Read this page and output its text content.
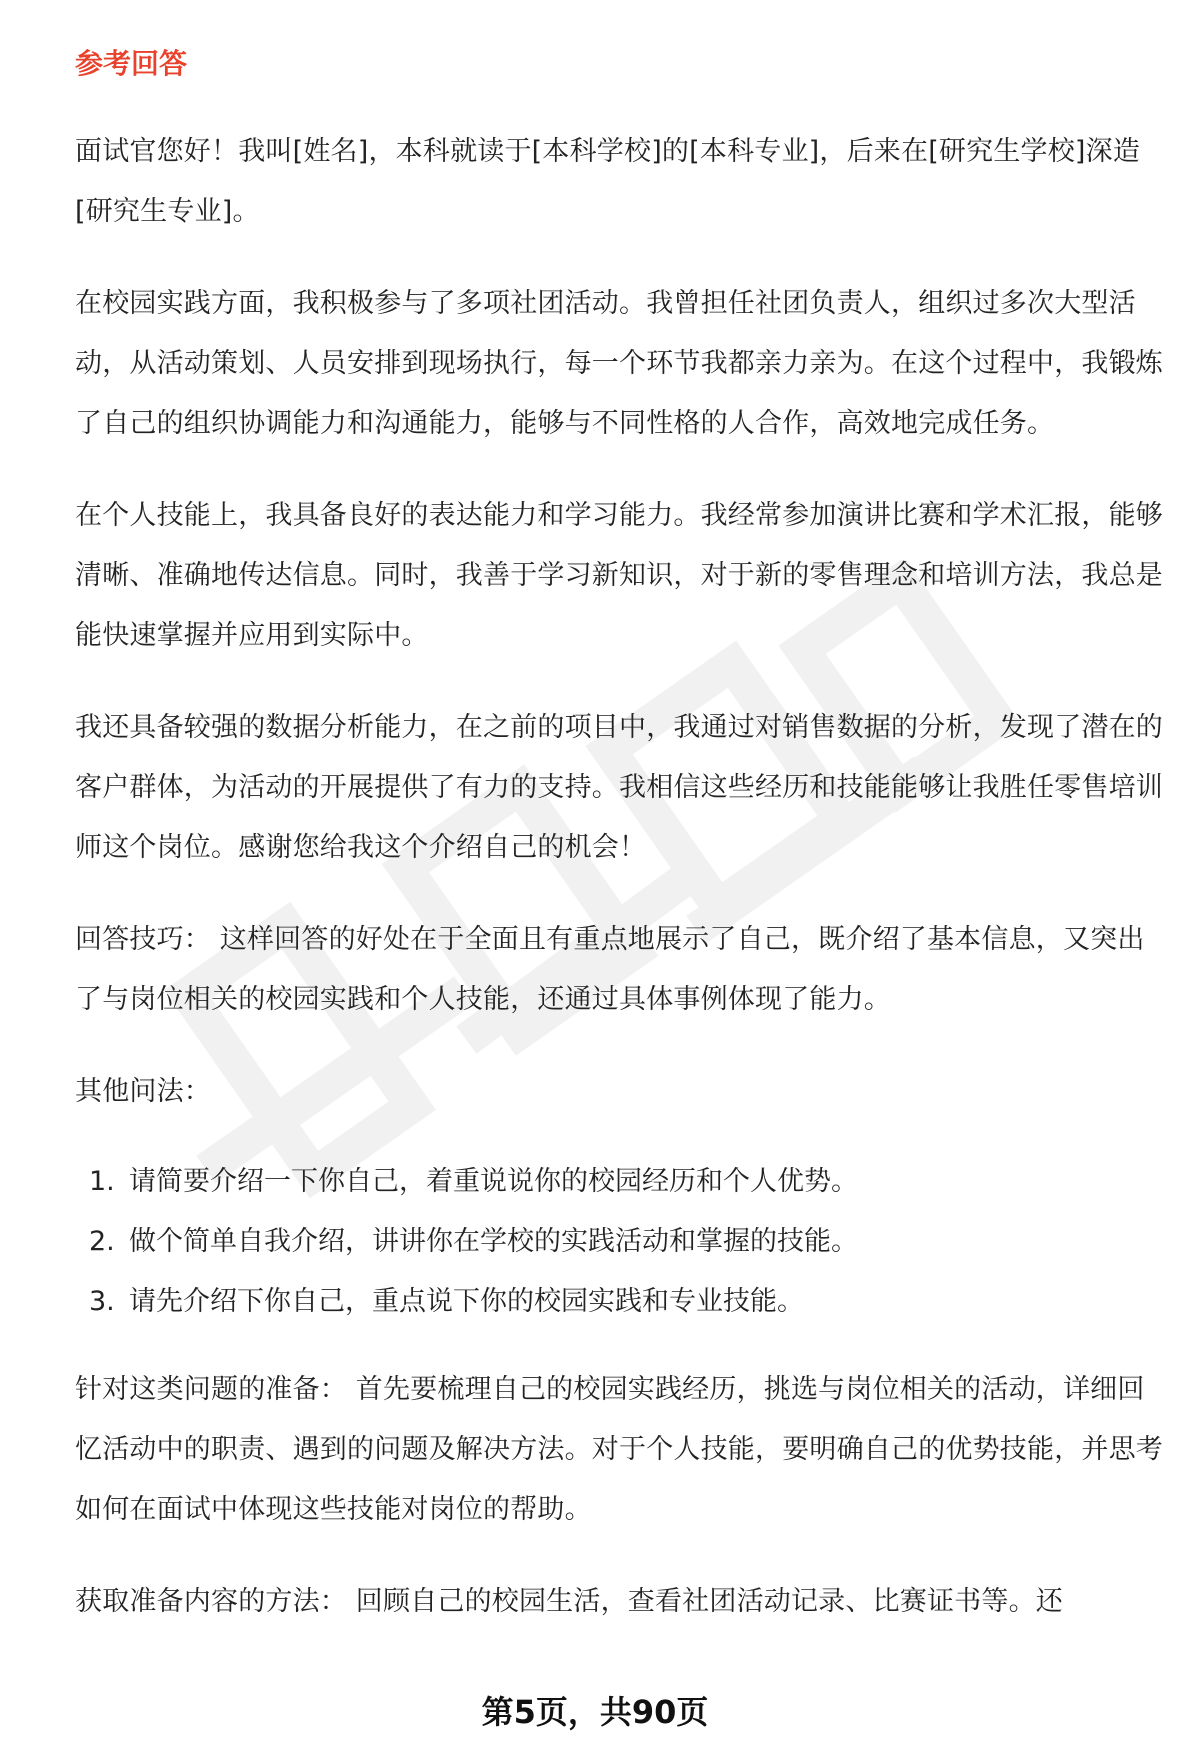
参考回答

面试官您好！我叫[姓名]，本科就读于[本科学校]的[本科专业]，后来在[研究生学校]深造[研究生专业]。

在校园实践方面，我积极参与了多项社团活动。我曾担任社团负责人，组织过多次大型活动，从活动策划、人员安排到现场执行，每一个环节我都亲力亲为。在这个过程中，我锻炼了自己的组织协调能力和沟通能力，能够与不同性格的人合作，高效地完成任务。

在个人技能上，我具备良好的表达能力和学习能力。我经常参加演讲比赛和学术汇报，能够清晰、准确地传达信息。同时，我善于学习新知识，对于新的零售理念和培训方法，我总是能快速掌握并应用到实际中。

我还具备较强的数据分析能力，在之前的项目中，我通过对销售数据的分析，发现了潜在的客户群体，为活动的开展提供了有力的支持。我相信这些经历和技能能够让我胜任零售培训师这个岗位。感谢您给我这个介绍自己的机会！

回答技巧： 这样回答的好处在于全面且有重点地展示了自己，既介绍了基本信息，又突出了与岗位相关的校园实践和个人技能，还通过具体事例体现了能力。

其他问法：

1. 请简要介绍一下你自己，着重说说你的校园经历和个人优势。
2. 做个简单自我介绍，讲讲你在学校的实践活动和掌握的技能。
3. 请先介绍下你自己，重点说下你的校园实践和专业技能。

针对这类问题的准备： 首先要梳理自己的校园实践经历，挑选与岗位相关的活动，详细回忆活动中的职责、遇到的问题及解决方法。对于个人技能，要明确自己的优势技能，并思考如何在面试中体现这些技能对岗位的帮助。

获取准备内容的方法： 回顾自己的校园生活，查看社团活动记录、比赛证书等。还

第5页，共90页
